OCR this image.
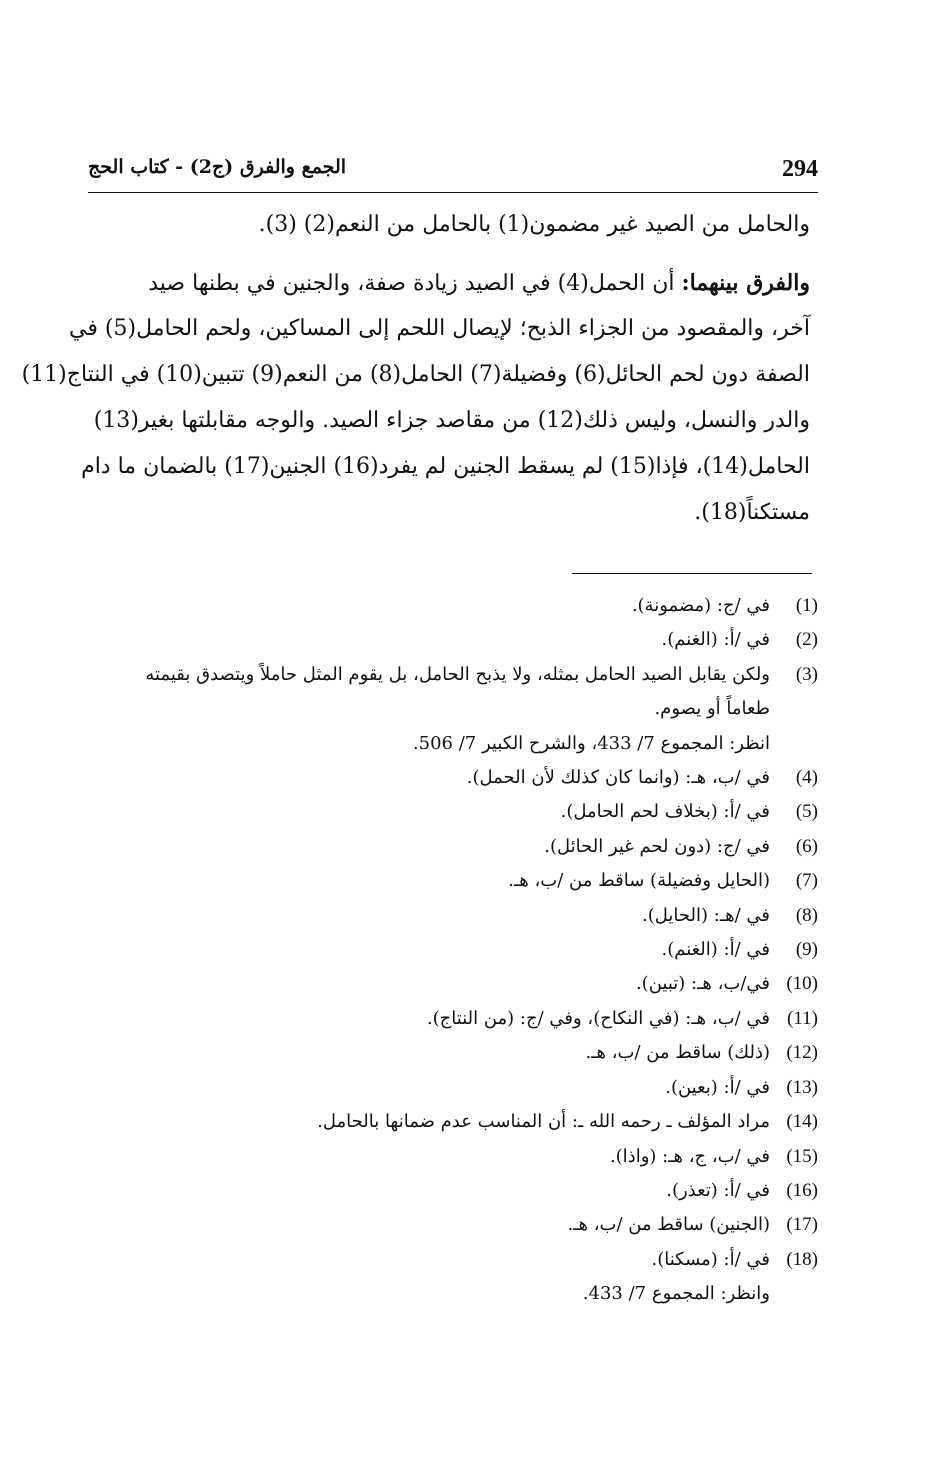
294
الجمع والفرق (ج2) - كتاب الحج
والحامل من الصيد غير مضمون(1) بالحامل من النعم(2) (3).
والفرق بينهما: أن الحمل(4) في الصيد زيادة صفة، والجنين في بطنها صيد
آخر، والمقصود من الجزاء الذبح؛ لإيصال اللحم إلى المساكين، ولحم الحامل(5) في
الصفة دون لحم الحائل(6) وفضيلة(7) الحامل(8) من النعم(9) تتبين(10) في النتاج(11)
والدر والنسل، وليس ذلك(12) من مقاصد جزاء الصيد. والوجه مقابلتها بغير(13)
الحامل(14)، فإذا(15) لم يسقط الجنين لم يفرد(16) الجنين(17) بالضمان ما دام
مستكناً(18).
(1)
في /ج: (مضمونة).
(2)
في /أ: (الغنم).
(3)
ولكن يقابل الصيد الحامل بمثله، ولا يذبح الحامل، بل يقوم المثل حاملاً ويتصدق بقيمته
طعاماً أو يصوم.
انظر: المجموع 7/ 433، والشرح الكبير 7/ 506.
(4)
في /ب، هـ: (وانما كان كذلك لأن الحمل).
(5)
في /أ: (بخلاف لحم الحامل).
(6)
في /ج: (دون لحم غير الحائل).
(7)
(الحايل وفضيلة) ساقط من /ب، هـ.
(8)
في /هـ: (الحايل).
(9)
في /أ: (الغنم).
(10)
في/ب، هـ: (تبين).
(11)
في /ب، هـ: (في النكاح)، وفي /ج: (من النتاج).
(12)
(ذلك) ساقط من /ب، هـ.
(13)
في /أ: (بعين).
(14)
مراد المؤلف ـ رحمه الله ـ: أن المناسب عدم ضمانها بالحامل.
(15)
في /ب، ج، هـ: (واذا).
(16)
في /أ: (تعذر).
(17)
(الجنين) ساقط من /ب، هـ.
(18)
في /أ: (مسكنا).
وانظر: المجموع 7/ 433.
